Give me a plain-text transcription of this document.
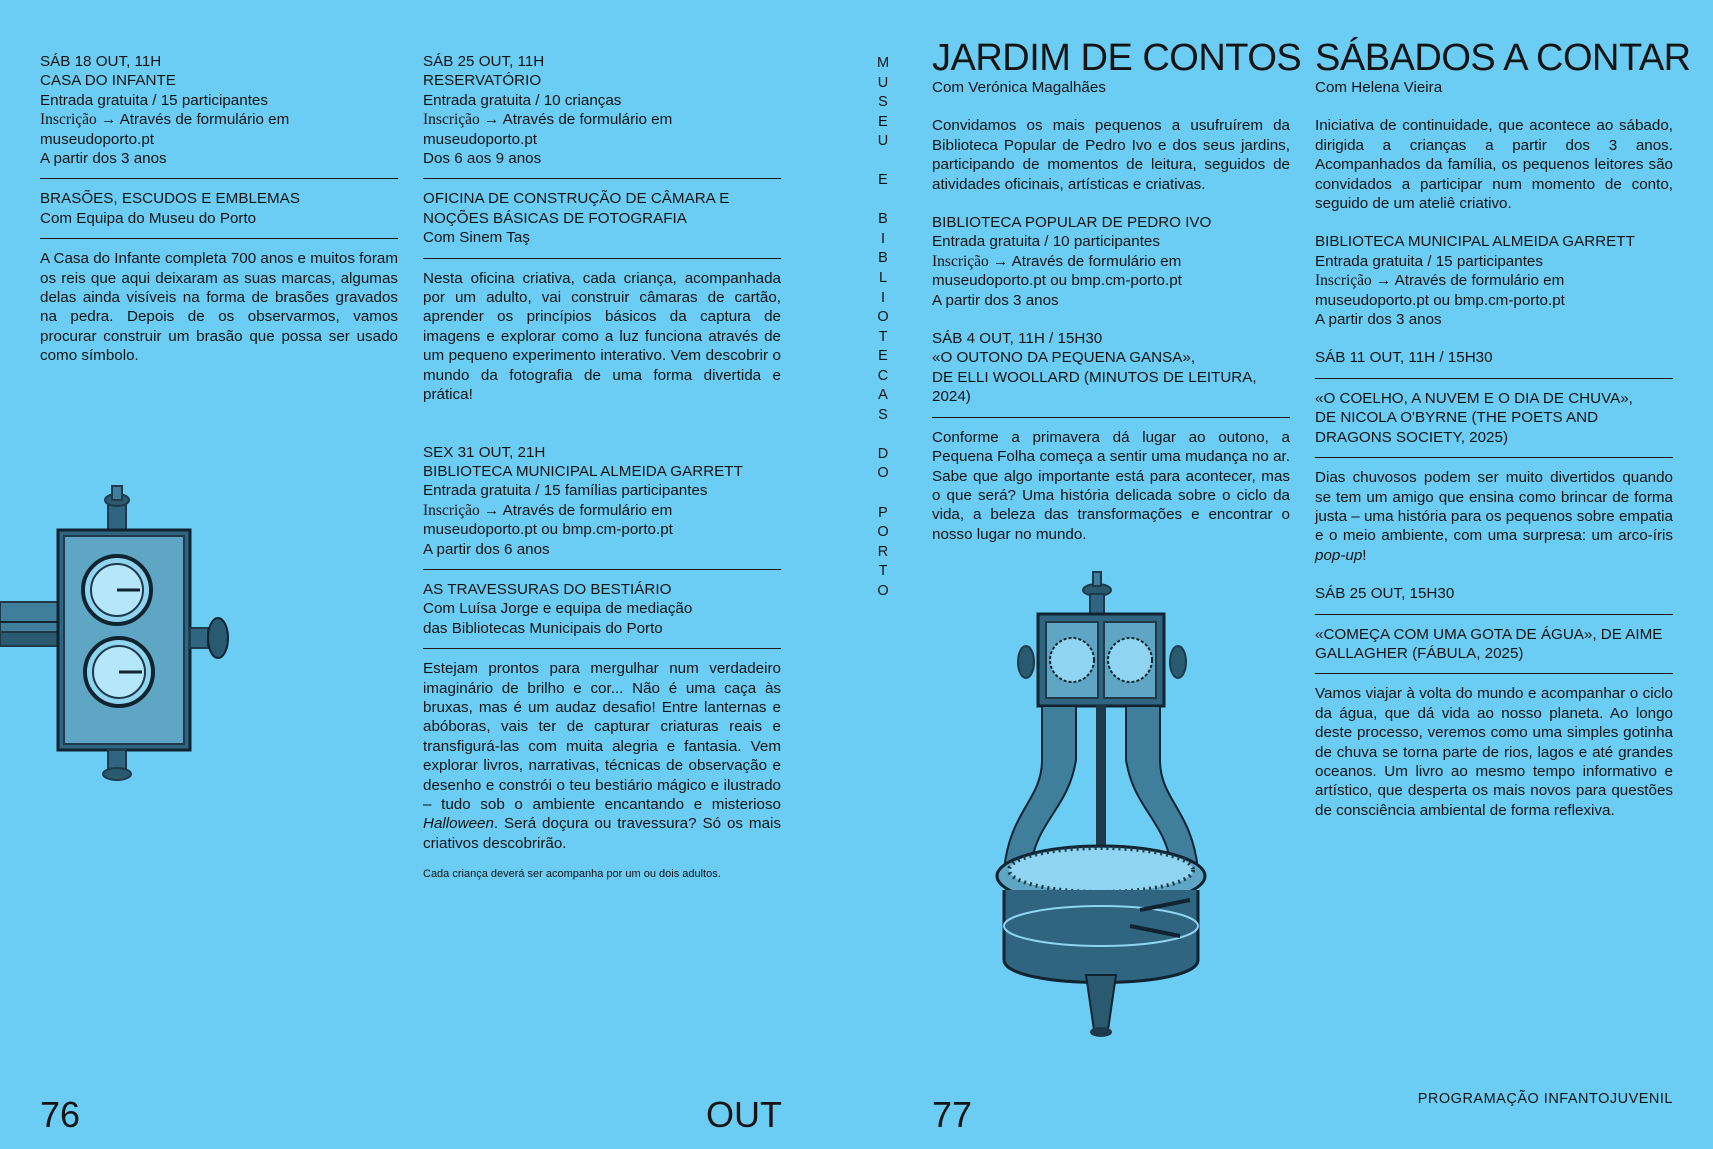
SÁB 18 OUT, 11H

CASA DO INFANTE

Entrada gratuita / 15 participantes

Inscrição → Através de formulário em

museudoporto.pt

A partir dos 3 anos

BRASÕES, ESCUDOS E EMBLEMAS

Com Equipa do Museu do Porto

A Casa do Infante completa 700 anos e muitos foram os reis que aqui deixaram as suas marcas, algumas delas ainda visíveis na forma de brasões gravados na pedra. Depois de os observarmos, vamos procurar construir um brasão que possa ser usado como símbolo.

SÁB 25 OUT, 11H

RESERVATÓRIO

Entrada gratuita / 10 crianças

Inscrição → Através de formulário em

museudoporto.pt

Dos 6 aos 9 anos

OFICINA DE CONSTRUÇÃO DE CÂMARA E NOÇÕES BÁSICAS DE FOTOGRAFIA

Com Sinem Taş

Nesta oficina criativa, cada criança, acompanhada por um adulto, vai construir câmaras de cartão, aprender os princípios básicos da captura de imagens e explorar como a luz funciona através de um pequeno experimento interativo. Vem descobrir o mundo da fotografia de uma forma divertida e prática!

SEX 31 OUT, 21H

BIBLIOTECA MUNICIPAL ALMEIDA GARRETT

Entrada gratuita / 15 famílias participantes

Inscrição → Através de formulário em

museudoporto.pt ou bmp.cm-porto.pt

A partir dos 6 anos

AS TRAVESSURAS DO BESTIÁRIO

Com Luísa Jorge e equipa de mediação

das Bibliotecas Municipais do Porto

Estejam prontos para mergulhar num verdadeiro imaginário de brilho e cor... Não é uma caça às bruxas, mas é um audaz desafio! Entre lanternas e abóboras, vais ter de capturar criaturas reais e transfigurá-las com muita alegria e fantasia. Vem explorar livros, narrativas, técnicas de observação e desenho e constrói o teu bestiário mágico e ilustrado – tudo sob o ambiente encantando e misterioso Halloween. Será doçura ou travessura? Só os mais criativos descobrirão.

Cada criança deverá ser acompanha por um ou dois adultos.

M
U
S
E
U
E
B
I
B
L
I
O
T
E
C
A
S
D
O
P
O
R
T
O

JARDIM DE CONTOS

Com Verónica Magalhães

Convidamos os mais pequenos a usufruírem da Biblioteca Popular de Pedro Ivo e dos seus jardins, participando de momentos de leitura, seguidos de atividades oficinais, artísticas e criativas.

BIBLIOTECA POPULAR DE PEDRO IVO

Entrada gratuita / 10 participantes

Inscrição → Através de formulário em

museudoporto.pt ou bmp.cm-porto.pt

A partir dos 3 anos

SÁB 4 OUT, 11H / 15H30

«O OUTONO DA PEQUENA GANSA»,

DE ELLI WOOLLARD (MINUTOS DE LEITURA, 2024)

Conforme a primavera dá lugar ao outono, a Pequena Folha começa a sentir uma mudança no ar. Sabe que algo importante está para acontecer, mas o que será? Uma história delicada sobre o ciclo da vida, a beleza das transformações e encontrar o nosso lugar no mundo.

SÁBADOS A CONTAR

Com Helena Vieira

Iniciativa de continuidade, que acontece ao sábado, dirigida a crianças a partir dos 3 anos. Acompanhados da família, os pequenos leitores são convidados a participar num momento de conto, seguido de um ateliê criativo.

BIBLIOTECA MUNICIPAL ALMEIDA GARRETT

Entrada gratuita / 15 participantes

Inscrição → Através de formulário em

museudoporto.pt ou bmp.cm-porto.pt

A partir dos 3 anos

SÁB 11 OUT, 11H / 15H30

«O COELHO, A NUVEM E O DIA DE CHUVA»,

DE NICOLA O'BYRNE (THE POETS AND DRAGONS SOCIETY, 2025)

Dias chuvosos podem ser muito divertidos quando se tem um amigo que ensina como brincar de forma justa – uma história para os pequenos sobre empatia e o meio ambiente, com uma surpresa: um arco-íris pop-up!

SÁB 25 OUT, 15H30

«COMEÇA COM UMA GOTA DE ÁGUA», DE AIME GALLAGHER (FÁBULA, 2025)

Vamos viajar à volta do mundo e acompanhar o ciclo da água, que dá vida ao nosso planeta. Ao longo deste processo, veremos como uma simples gotinha de chuva se torna parte de rios, lagos e até grandes oceanos. Um livro ao mesmo tempo informativo e artístico, que desperta os mais novos para questões de consciência ambiental de forma reflexiva.

76	OUT	77	PROGRAMAÇÃO INFANTOJUVENIL
